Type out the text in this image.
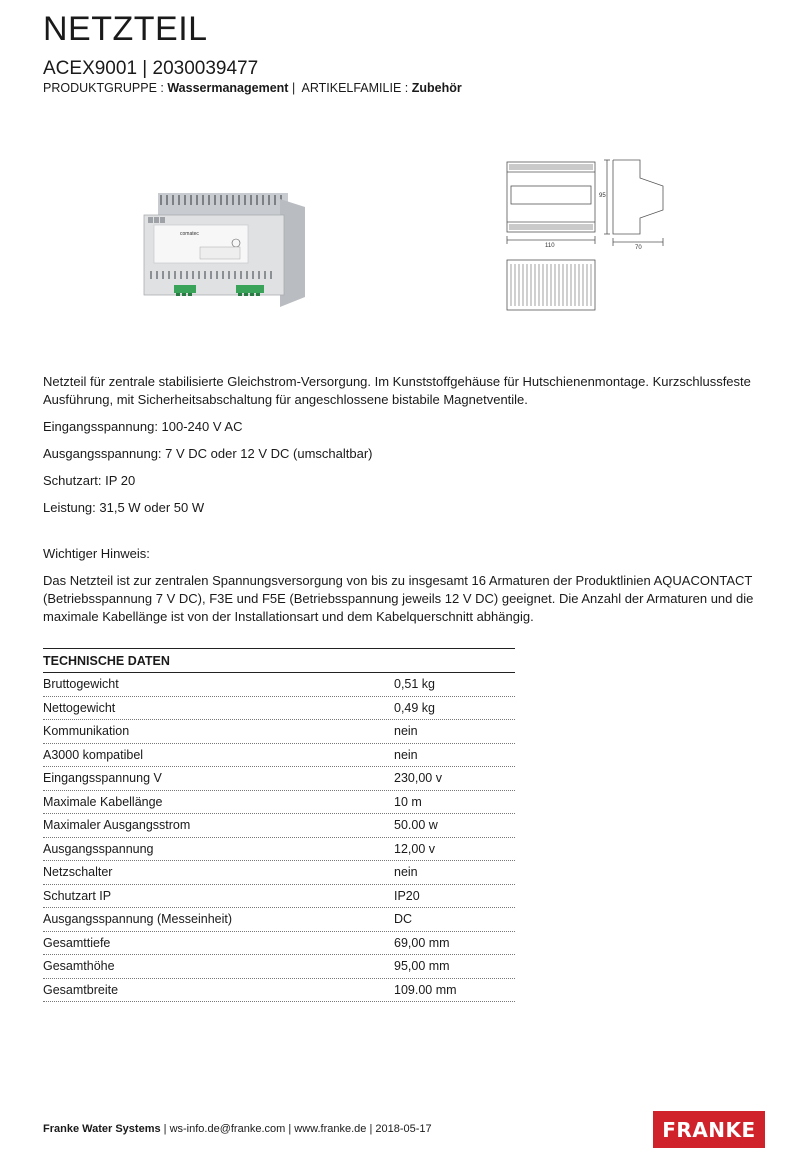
NETZTEIL
ACEX9001 | 2030039477
PRODUKTGRUPPE : Wassermanagement |  ARTIKELFAMILIE : Zubehör
comatec
110	70
95

Netzteil für zentrale stabilisierte Gleichstrom-Versorgung. Im Kunststoffgehäuse für Hutschienenmontage. Kurzschlussfeste Ausführung, mit Sicherheitsabschaltung für angeschlossene bistabile Magnetventile.

Eingangsspannung: 100-240 V AC

Ausgangsspannung: 7 V DC oder 12 V DC (umschaltbar)

Schutzart: IP 20

Leistung: 31,5 W oder 50 W

Wichtiger Hinweis:

Das Netzteil ist zur zentralen Spannungsversorgung von bis zu insgesamt 16 Armaturen der Produktlinien AQUACONTACT (Betriebsspannung 7 V DC), F3E und F5E (Betriebsspannung jeweils 12 V DC) geeignet. Die Anzahl der Armaturen und die maximale Kabellänge ist von der Installationsart und dem Kabelquerschnitt abhängig.

TECHNISCHE DATEN
Bruttogewicht	0,51 kg
Nettogewicht	0,49 kg
Kommunikation	nein
A3000 kompatibel	nein
Eingangsspannung V	230,00 v
Maximale Kabellänge	10 m
Maximaler Ausgangsstrom	50.00 w
Ausgangsspannung	12,00 v
Netzschalter	nein
Schutzart IP	IP20
Ausgangsspannung (Messeinheit)	DC
Gesamttiefe	69,00 mm
Gesamthöhe	95,00 mm
Gesamtbreite	109.00 mm
Franke Water Systems | ws-info.de@franke.com | www.franke.de | 2018-05-17	FRANKE
